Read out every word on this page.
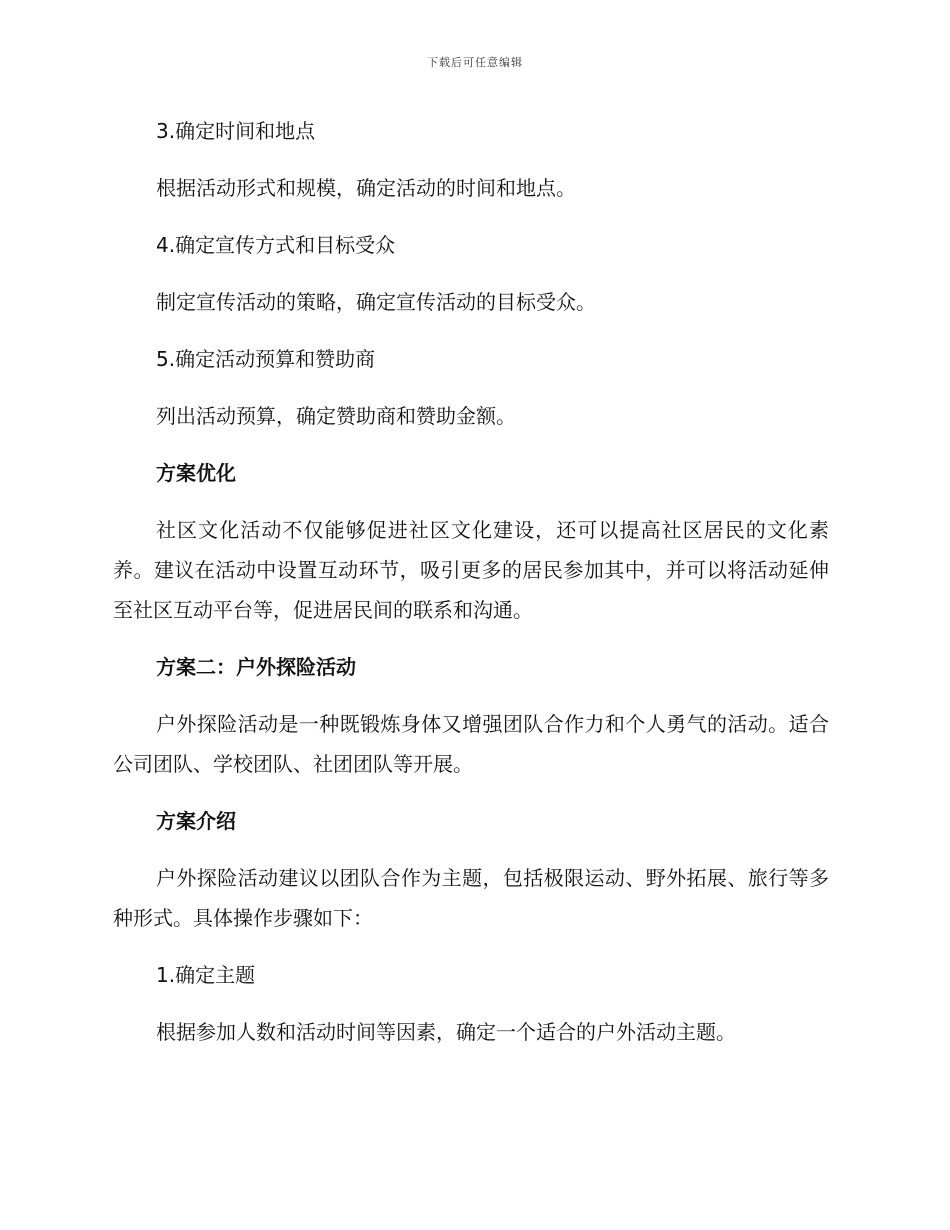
下载后可任意编辑

3.确定时间和地点

根据活动形式和规模，确定活动的时间和地点。

4.确定宣传方式和目标受众

制定宣传活动的策略，确定宣传活动的目标受众。

5.确定活动预算和赞助商

列出活动预算，确定赞助商和赞助金额。

方案优化

社区文化活动不仅能够促进社区文化建设，还可以提高社区居民的文化素养。建议在活动中设置互动环节，吸引更多的居民参加其中，并可以将活动延伸至社区互动平台等，促进居民间的联系和沟通。

方案二：户外探险活动

户外探险活动是一种既锻炼身体又增强团队合作力和个人勇气的活动。适合公司团队、学校团队、社团团队等开展。

方案介绍

户外探险活动建议以团队合作为主题，包括极限运动、野外拓展、旅行等多种形式。具体操作步骤如下：

1.确定主题

根据参加人数和活动时间等因素，确定一个适合的户外活动主题。
